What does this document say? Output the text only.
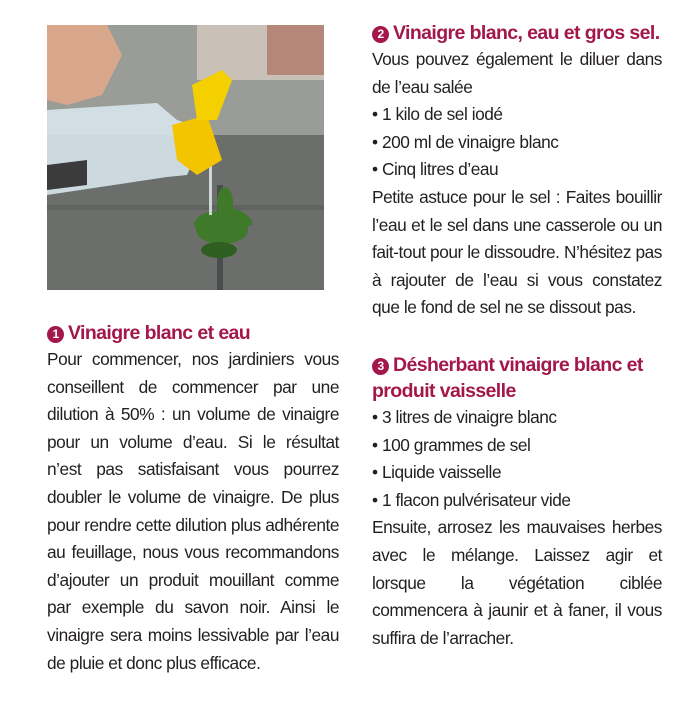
1 Vinaigre blanc et eau

Pour commencer, nos jardiniers vous conseillent de commencer par une dilution à 50% : un volume de vinaigre pour un volume d’eau. Si le résultat n’est pas satisfaisant vous pourrez doubler le volume de vinaigre. De plus pour rendre cette dilution plus adhérente au feuillage, nous vous recommandons d’ajouter un produit mouillant comme par exemple du savon noir. Ainsi le vinaigre sera moins lessivable par l’eau de pluie et donc plus efficace.

2 Vinaigre blanc, eau et gros sel.

Vous pouvez également le diluer dans de l’eau salée

• 1 kilo de sel iodé
• 200 ml de vinaigre blanc
• Cinq litres d’eau

Petite astuce pour le sel : Faites bouillir l’eau et le sel dans une casserole ou un fait-tout pour le dissoudre. N’hésitez pas à rajouter de l’eau si vous constatez que le fond de sel ne se dissout pas.

3 Désherbant vinaigre blanc et produit vaisselle
• 3 litres de vinaigre blanc
• 100 grammes de sel
• Liquide vaisselle
• 1 flacon pulvérisateur vide

Ensuite, arrosez les mauvaises herbes avec le mélange. Laissez agir et lorsque la végétation ciblée commencera à jaunir et à faner, il vous suffira de l’arracher.
